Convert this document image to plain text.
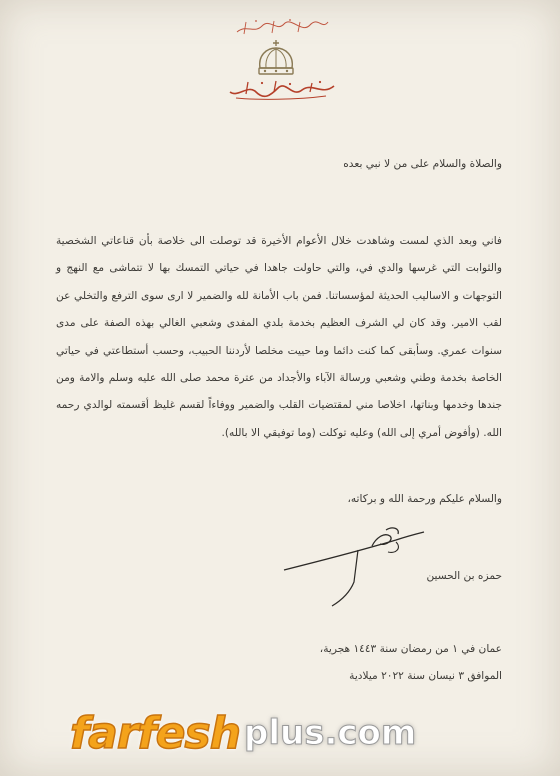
والصلاة والسلام على من لا نبي بعده
فاني وبعد الذي لمست وشاهدت خلال الأعوام الأخيرة قد توصلت الى خلاصة بأن قناعاتي الشخصية والثوابت التي غرسها والدي في، والتي حاولت جاهدا في حياتي التمسك بها لا تتماشى مع النهج و التوجهات و الاساليب الحديثة لمؤسساتنا. فمن باب الأمانة لله والضمير لا ارى سوى الترفع والتخلي عن لقب الامير. وقد كان لي الشرف العظيم بخدمة بلدي المفدى وشعبي الغالي بهذه الصفة على مدى سنوات عمري. وسأبقى كما كنت دائما وما حييت مخلصا لأردننا الحبيب، وحسب أستطاعتي في حياتي الخاصة بخدمة وطني وشعبي ورسالة الآباء والأجداد من عترة محمد صلى الله عليه وسلم والامة ومن جندها وخدمها وبناتها، اخلاصا مني لمقتضيات القلب والضمير ووفاءاً لقسم غليظ أقسمته لوالدي رحمه الله. (وأفوض أمري إلى الله) وعليه توكلت (وما توفيقي الا بالله).
والسلام عليكم ورحمة الله و بركاته،
حمزه بن الحسين
عمان في ١ من رمضان سنة ١٤٤٣ هجرية،
الموافق ٣ نيسان سنة ٢٠٢٢ ميلادية
farfesh plus.com
